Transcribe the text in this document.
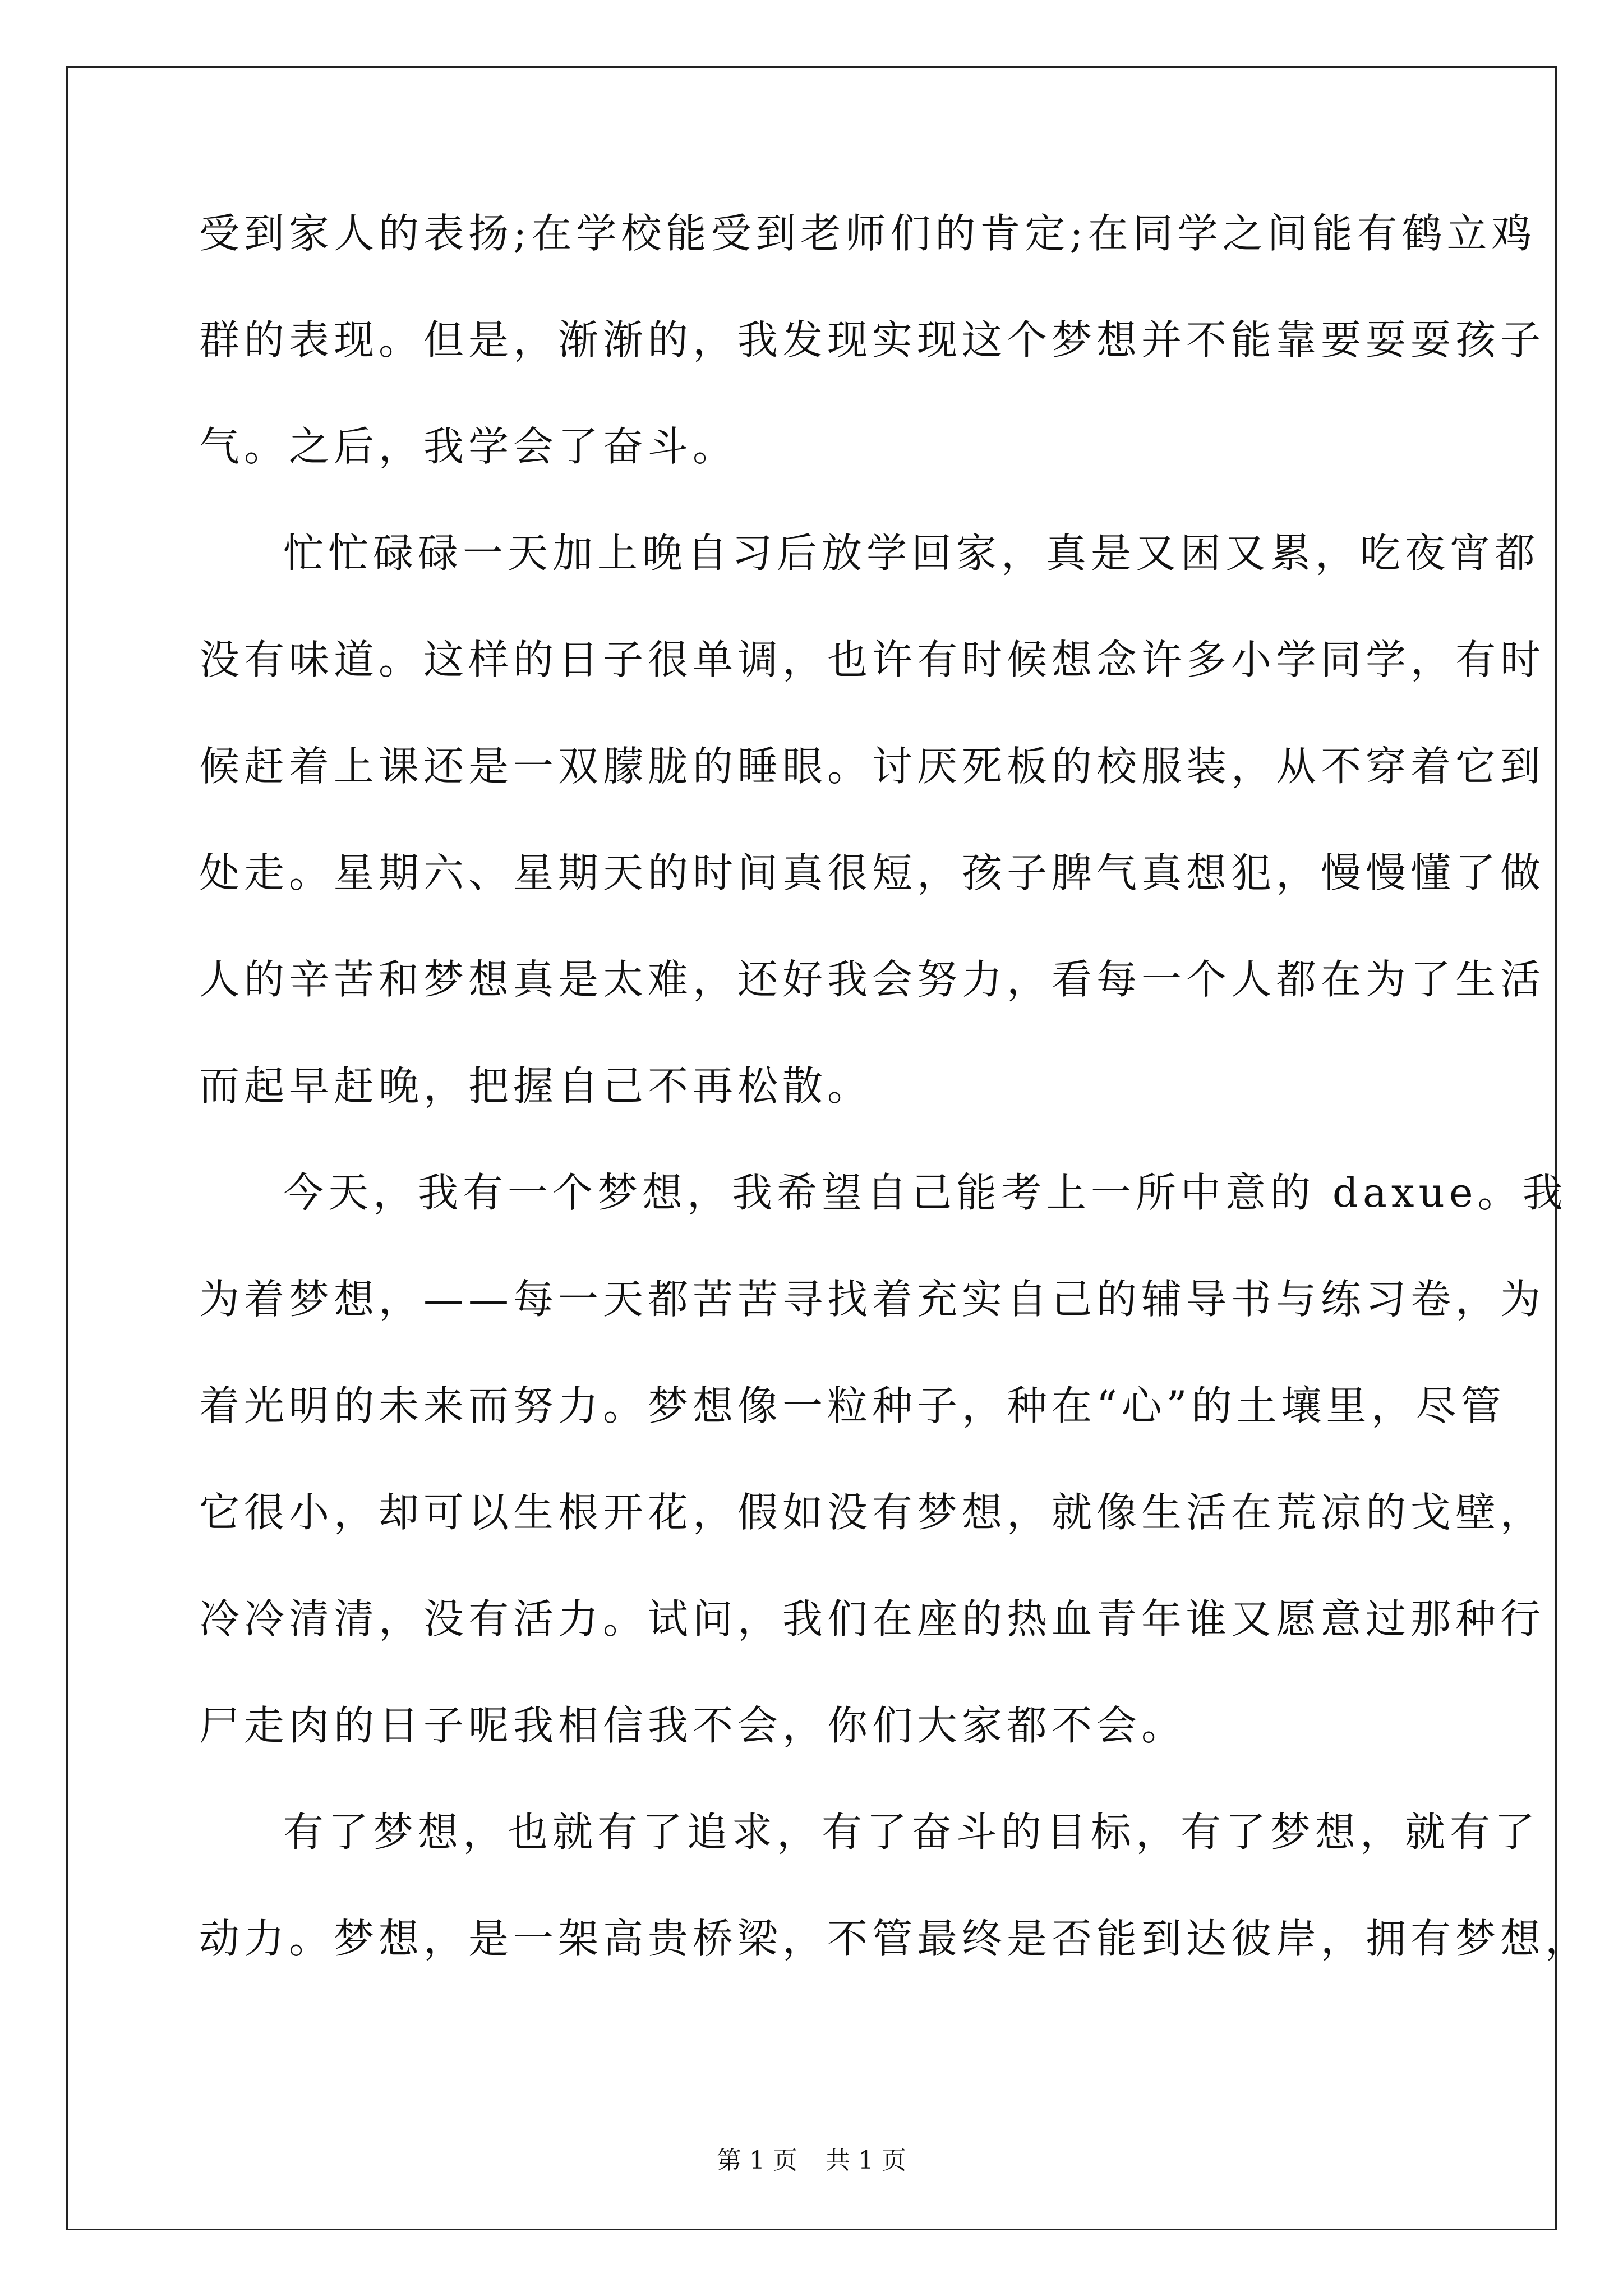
受到家人的表扬;在学校能受到老师们的肯定;在同学之间能有鹤立鸡
群的表现。但是，渐渐的，我发现实现这个梦想并不能靠要耍耍孩子
气。之后，我学会了奋斗。
忙忙碌碌一天加上晚自习后放学回家，真是又困又累，吃夜宵都
没有味道。这样的日子很单调，也许有时候想念许多小学同学，有时
候赶着上课还是一双朦胧的睡眼。讨厌死板的校服装，从不穿着它到
处走。星期六、星期天的时间真很短，孩子脾气真想犯，慢慢懂了做
人的辛苦和梦想真是太难，还好我会努力，看每一个人都在为了生活
而起早赶晚，把握自己不再松散。
今天，我有一个梦想，我希望自己能考上一所中意的 daxue。我
为着梦想，——每一天都苦苦寻找着充实自己的辅导书与练习卷，为
着光明的未来而努力。梦想像一粒种子，种在“心”的土壤里，尽管
它很小，却可以生根开花，假如没有梦想，就像生活在荒凉的戈壁，
冷冷清清，没有活力。试问，我们在座的热血青年谁又愿意过那种行
尸走肉的日子呢我相信我不会，你们大家都不会。
有了梦想，也就有了追求，有了奋斗的目标，有了梦想，就有了
动力。梦想，是一架高贵桥梁，不管最终是否能到达彼岸，拥有梦想，
第 1 页 共 1 页
